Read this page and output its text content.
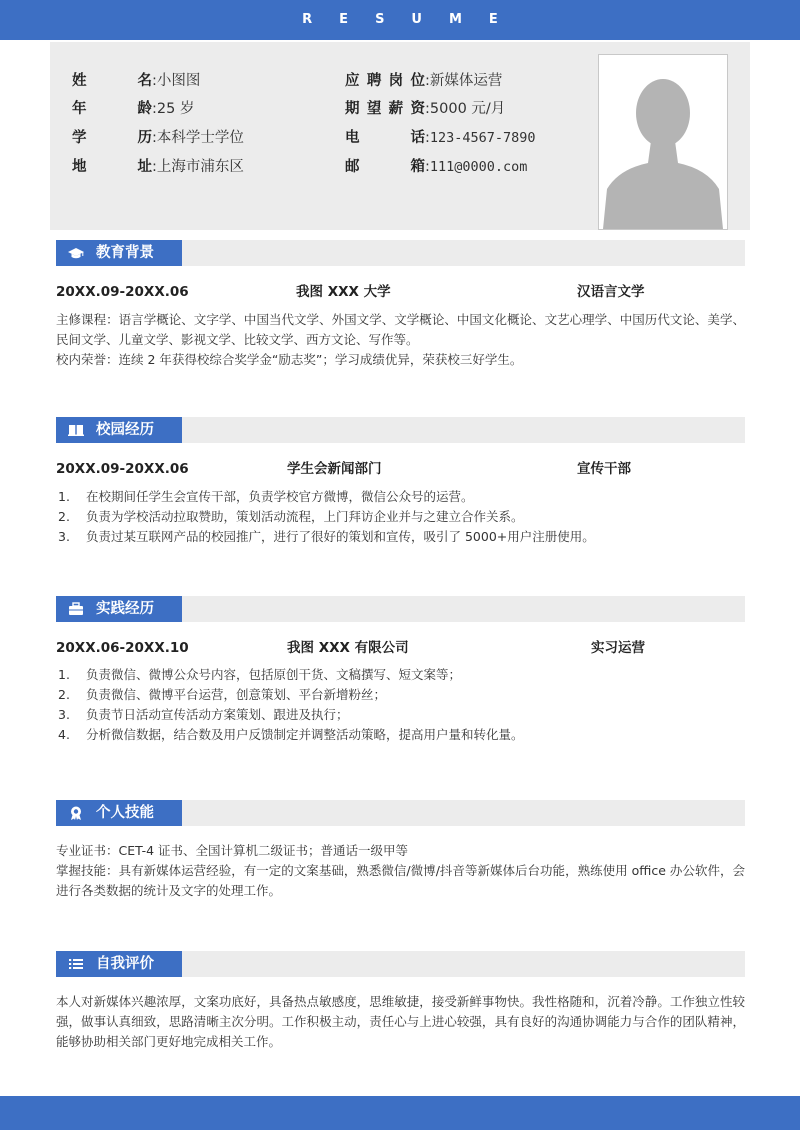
RESUME
姓名:小图图
年龄:25 岁
学历:本科学士学位
地址:上海市浦东区
应聘岗位:新媒体运营
期望薪资:5000 元/月
电话:123-4567-7890
邮箱:111@0000.com
教育背景
20XX.09-20XX.06	我图 XXX 大学	汉语言文学
主修课程：语言学概论、文字学、中国当代文学、外国文学、文学概论、中国文化概论、文艺心理学、中国历代文论、美学、民间文学、儿童文学、影视文学、比较文学、西方文论、写作等。
校内荣誉：连续 2 年获得校综合奖学金“励志奖”；学习成绩优异，荣获校三好学生。
校园经历
20XX.09-20XX.06	学生会新闻部门	宣传干部
1. 在校期间任学生会宣传干部，负责学校官方微博，微信公众号的运营。
2. 负责为学校活动拉取赞助，策划活动流程，上门拜访企业并与之建立合作关系。
3. 负责过某互联网产品的校园推广，进行了很好的策划和宣传，吸引了 5000+用户注册使用。
实践经历
20XX.06-20XX.10	我图 XXX 有限公司	实习运营
1. 负责微信、微博公众号内容，包括原创干货、文稿撰写、短文案等；
2. 负责微信、微博平台运营，创意策划、平台新增粉丝；
3. 负责节日活动宣传活动方案策划、跟进及执行；
4. 分析微信数据，结合数及用户反馈制定并调整活动策略，提高用户量和转化量。
个人技能
专业证书：CET-4 证书、全国计算机二级证书；普通话一级甲等
掌握技能：具有新媒体运营经验，有一定的文案基础，熟悉微信/微博/抖音等新媒体后台功能，熟练使用 office 办公软件，会进行各类数据的统计及文字的处理工作。
自我评价
本人对新媒体兴趣浓厚，文案功底好，具备热点敏感度，思维敏捷，接受新鲜事物快。我性格随和，沉着冷静。工作独立性较强，做事认真细致，思路清晰主次分明。工作积极主动，责任心与上进心较强，具有良好的沟通协调能力与合作的团队精神，能够协助相关部门更好地完成相关工作。
